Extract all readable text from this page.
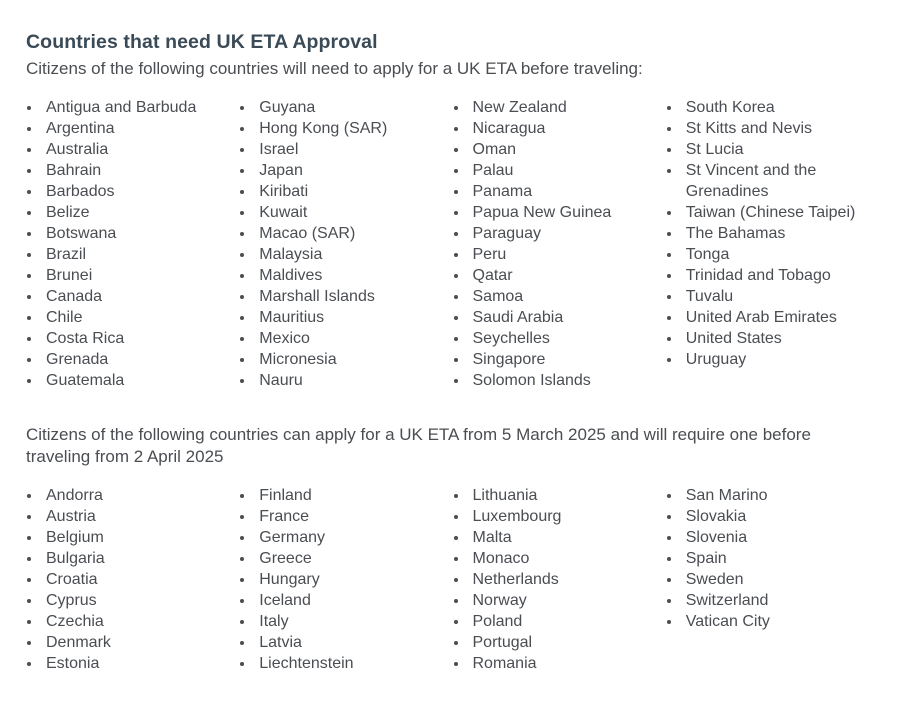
Countries that need UK ETA Approval

Citizens of the following countries will need to apply for a UK ETA before traveling:

Antigua and Barbuda
Argentina
Australia
Bahrain
Barbados
Belize
Botswana
Brazil
Brunei
Canada
Chile
Costa Rica
Grenada
Guatemala
Guyana
Hong Kong (SAR)
Israel
Japan
Kiribati
Kuwait
Macao (SAR)
Malaysia
Maldives
Marshall Islands
Mauritius
Mexico
Micronesia
Nauru
New Zealand
Nicaragua
Oman
Palau
Panama
Papua New Guinea
Paraguay
Peru
Qatar
Samoa
Saudi Arabia
Seychelles
Singapore
Solomon Islands
South Korea
St Kitts and Nevis
St Lucia
St Vincent and the Grenadines
Taiwan (Chinese Taipei)
The Bahamas
Tonga
Trinidad and Tobago
Tuvalu
United Arab Emirates
United States
Uruguay

Citizens of the following countries can apply for a UK ETA from 5 March 2025 and will require one before traveling from 2 April 2025

Andorra
Austria
Belgium
Bulgaria
Croatia
Cyprus
Czechia
Denmark
Estonia
Finland
France
Germany
Greece
Hungary
Iceland
Italy
Latvia
Liechtenstein
Lithuania
Luxembourg
Malta
Monaco
Netherlands
Norway
Poland
Portugal
Romania
San Marino
Slovakia
Slovenia
Spain
Sweden
Switzerland
Vatican City
